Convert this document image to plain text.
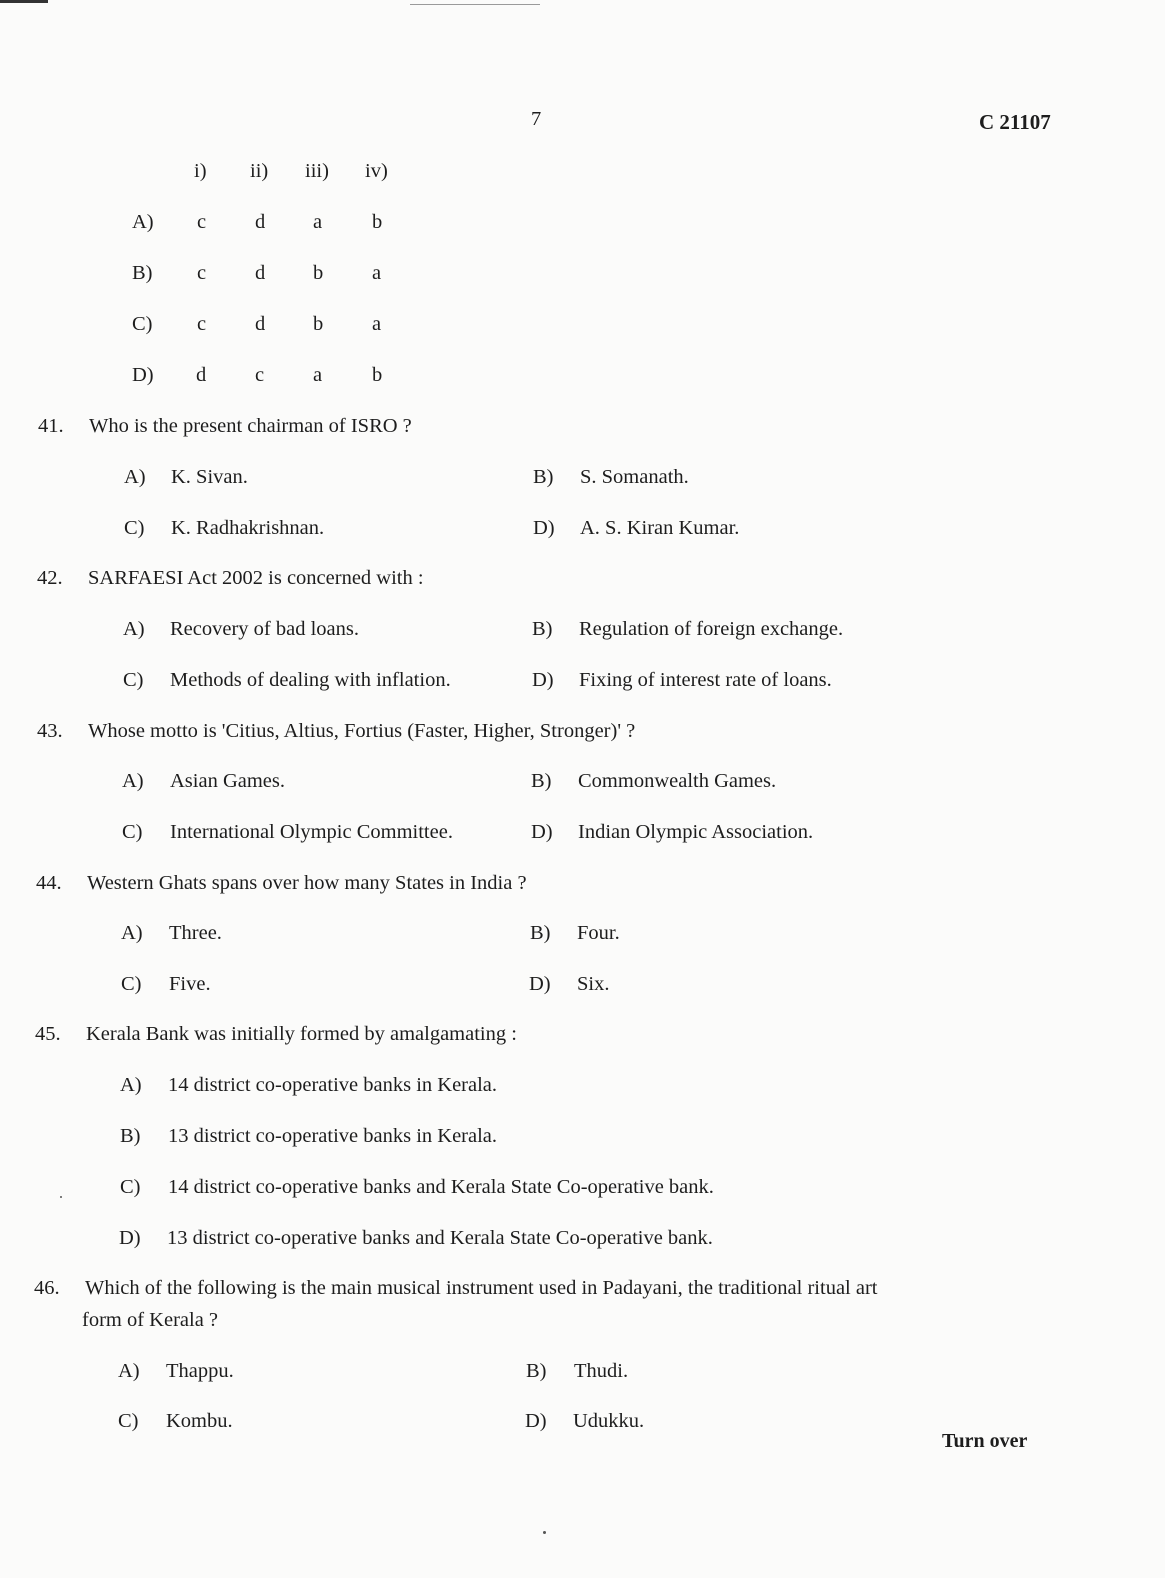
7	C 21107
i) ii) iii) iv)
A) c d a b
B) c d b a
C) c d b a
D) d c a b
41. Who is the present chairman of ISRO ?
A) K. Sivan.	B) S. Somanath.
C) K. Radhakrishnan.	D) A. S. Kiran Kumar.
42. SARFAESI Act 2002 is concerned with :
A) Recovery of bad loans.	B) Regulation of foreign exchange.
C) Methods of dealing with inflation.	D) Fixing of interest rate of loans.
43. Whose motto is 'Citius, Altius, Fortius (Faster, Higher, Stronger)' ?
A) Asian Games.	B) Commonwealth Games.
C) International Olympic Committee.	D) Indian Olympic Association.
44. Western Ghats spans over how many States in India ?
A) Three.	B) Four.
C) Five.	D) Six.
45. Kerala Bank was initially formed by amalgamating :
A) 14 district co-operative banks in Kerala.
B) 13 district co-operative banks in Kerala.
C) 14 district co-operative banks and Kerala State Co-operative bank.
D) 13 district co-operative banks and Kerala State Co-operative bank.
46. Which of the following is the main musical instrument used in Padayani, the traditional ritual art
form of Kerala ?
A) Thappu.	B) Thudi.
C) Kombu.	D) Udukku.
Turn over
